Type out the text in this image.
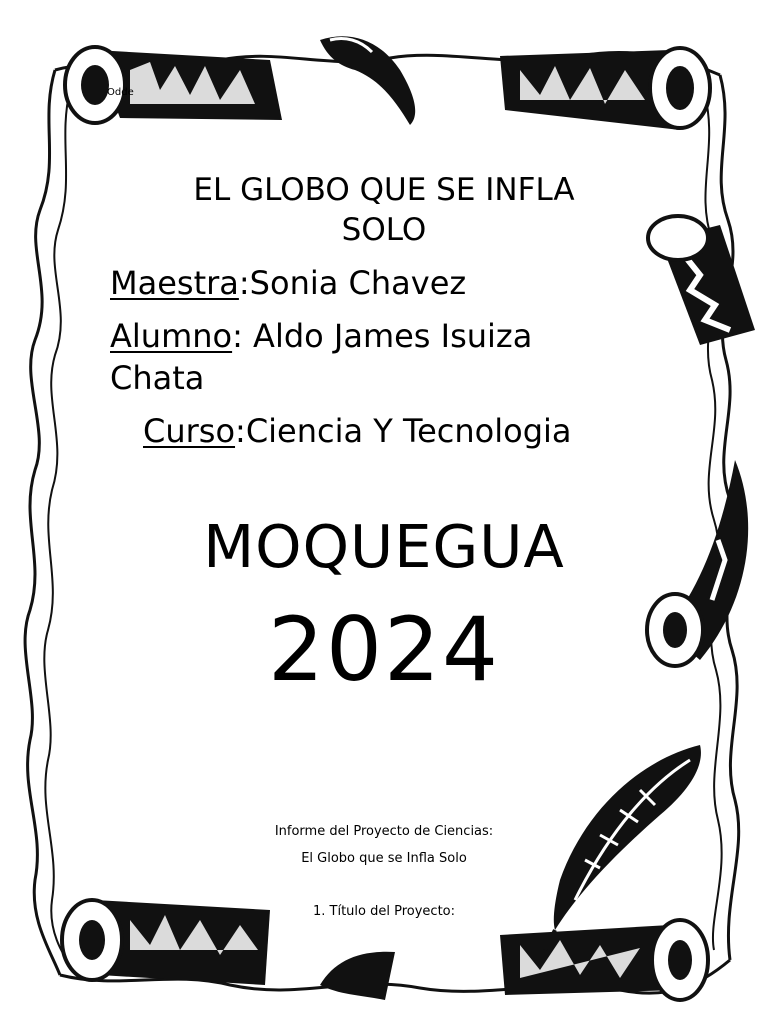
Odde
EL GLOBO QUE SE INFLA
SOLO
Maestra:Sonia Chavez
Alumno: Aldo James Isuiza
Chata
Curso:Ciencia Y Tecnologia
MOQUEGUA
2024
Informe del Proyecto de Ciencias:
El Globo que se Infla Solo
1. Título del Proyecto:
